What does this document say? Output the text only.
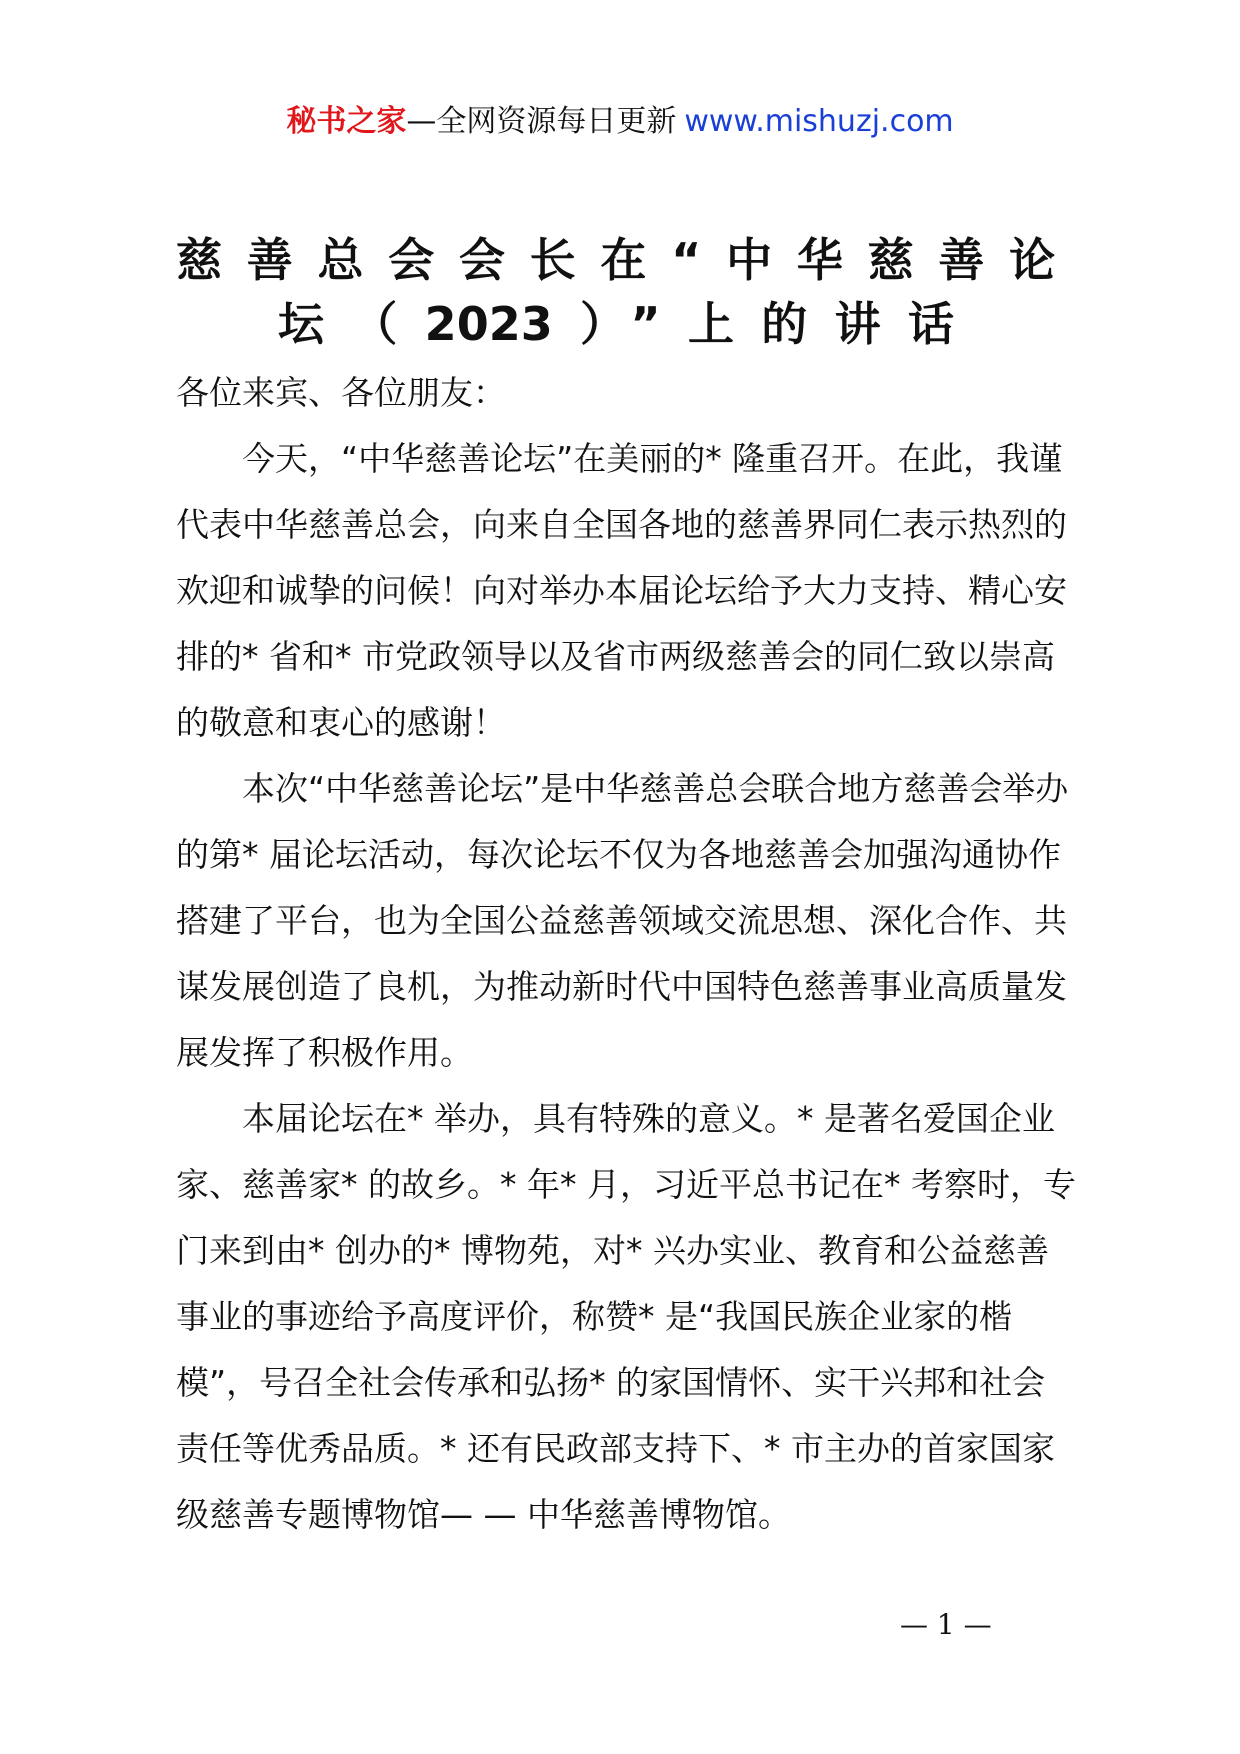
秘书之家—全网资源每日更新 www.mishuzj.com
慈善总会会长在“中华慈善论
坛（2023）”上的讲话

各位来宾、各位朋友：

今天，“中华慈善论坛”在美丽的* 隆重召开。在此，我谨代表中华慈善总会，向来自全国各地的慈善界同仁表示热烈的欢迎和诚挚的问候！向对举办本届论坛给予大力支持、精心安排的* 省和* 市党政领导以及省市两级慈善会的同仁致以崇高的敬意和衷心的感谢！

本次“中华慈善论坛”是中华慈善总会联合地方慈善会举办的第* 届论坛活动，每次论坛不仅为各地慈善会加强沟通协作搭建了平台，也为全国公益慈善领域交流思想、深化合作、共谋发展创造了良机，为推动新时代中国特色慈善事业高质量发展发挥了积极作用。

本届论坛在* 举办，具有特殊的意义。* 是著名爱国企业家、慈善家* 的故乡。* 年* 月，习近平总书记在* 考察时，专门来到由* 创办的* 博物苑，对* 兴办实业、教育和公益慈善事业的事迹给予高度评价，称赞* 是“我国民族企业家的楷模”，号召全社会传承和弘扬* 的家国情怀、实干兴邦和社会责任等优秀品质。* 还有民政部支持下、* 市主办的首家国家级慈善专题博物馆— — 中华慈善博物馆。

— 1 —
